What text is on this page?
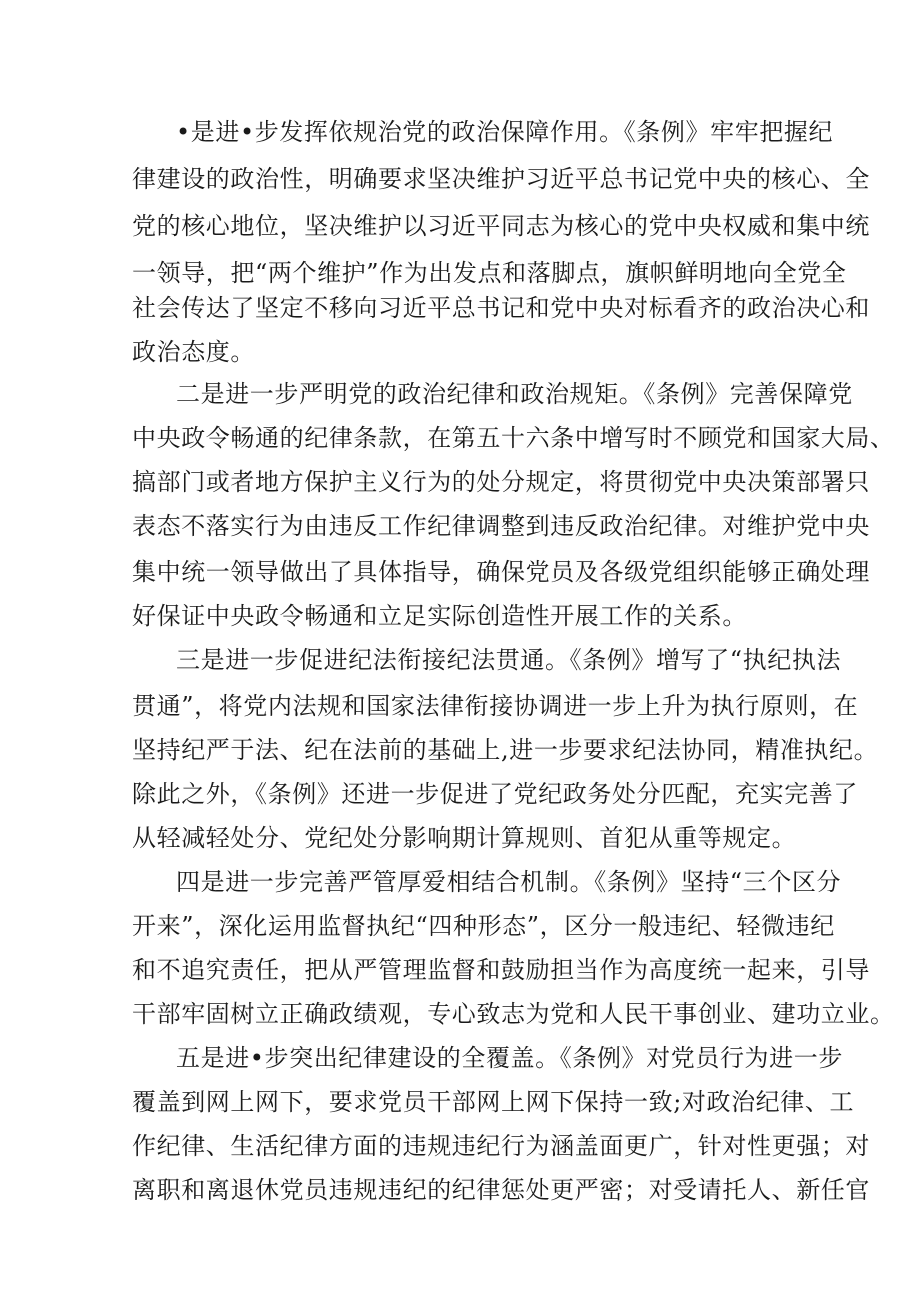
•是进•步发挥依规治党的政治保障作用。《条例》牢牢把握纪
律建设的政治性，明确要求坚决维护习近平总书记党中央的核心、全
党的核心地位，坚决维护以习近平同志为核心的党中央权威和集中统
一领导，把“两个维护”作为出发点和落脚点，旗帜鲜明地向全党全
社会传达了坚定不移向习近平总书记和党中央对标看齐的政治决心和
政治态度。
二是进一步严明党的政治纪律和政治规矩。《条例》完善保障党
中央政令畅通的纪律条款，在第五十六条中增写时不顾党和国家大局、
搞部门或者地方保护主义行为的处分规定，将贯彻党中央决策部署只
表态不落实行为由违反工作纪律调整到违反政治纪律。对维护党中央
集中统一领导做出了具体指导，确保党员及各级党组织能够正确处理
好保证中央政令畅通和立足实际创造性开展工作的关系。
三是进一步促进纪法衔接纪法贯通。《条例》增写了“执纪执法
贯通”，将党内法规和国家法律衔接协调进一步上升为执行原则，在
坚持纪严于法、纪在法前的基础上,进一步要求纪法协同，精准执纪。
除此之外，《条例》还进一步促进了党纪政务处分匹配，充实完善了
从轻减轻处分、党纪处分影响期计算规则、首犯从重等规定。
四是进一步完善严管厚爱相结合机制。《条例》坚持“三个区分
开来”，深化运用监督执纪“四种形态”，区分一般违纪、轻微违纪
和不追究责任，把从严管理监督和鼓励担当作为高度统一起来，引导
干部牢固树立正确政绩观，专心致志为党和人民干事创业、建功立业。
五是进•步突出纪律建设的全覆盖。《条例》对党员行为进一步
覆盖到网上网下，要求党员干部网上网下保持一致;对政治纪律、工
作纪律、生活纪律方面的违规违纪行为涵盖面更广，针对性更强；对
离职和离退休党员违规违纪的纪律惩处更严密；对受请托人、新任官
